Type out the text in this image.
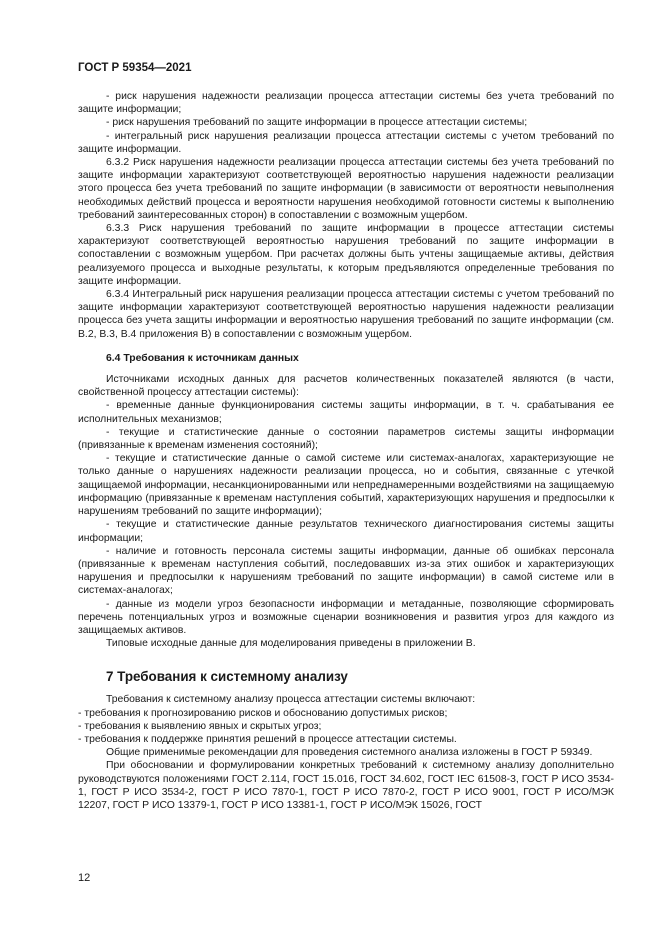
ГОСТ Р 59354—2021

- риск нарушения надежности реализации процесса аттестации системы без учета требований по защите информации;

- риск нарушения требований по защите информации в процессе аттестации системы;

- интегральный риск нарушения реализации процесса аттестации системы с учетом требований по защите информации.

6.3.2 Риск нарушения надежности реализации процесса аттестации системы без учета требований по защите информации характеризуют соответствующей вероятностью нарушения надежности реализации этого процесса без учета требований по защите информации (в зависимости от вероятности невыполнения необходимых действий процесса и вероятности нарушения необходимой готовности системы к выполнению требований заинтересованных сторон) в сопоставлении с возможным ущербом.

6.3.3 Риск нарушения требований по защите информации в процессе аттестации системы характеризуют соответствующей вероятностью нарушения требований по защите информации в сопоставлении с возможным ущербом. При расчетах должны быть учтены защищаемые активы, действия реализуемого процесса и выходные результаты, к которым предъявляются определенные требования по защите информации.

6.3.4 Интегральный риск нарушения реализации процесса аттестации системы с учетом требований по защите информации характеризуют соответствующей вероятностью нарушения надежности реализации процесса без учета защиты информации и вероятностью нарушения требований по защите информации (см. В.2, В.3, В.4 приложения В) в сопоставлении с возможным ущербом.

6.4 Требования к источникам данных

Источниками исходных данных для расчетов количественных показателей являются (в части, свойственной процессу аттестации системы):

- временные данные функционирования системы защиты информации, в т. ч. срабатывания ее исполнительных механизмов;

- текущие и статистические данные о состоянии параметров системы защиты информации (привязанные к временам изменения состояний);

- текущие и статистические данные о самой системе или системах-аналогах, характеризующие не только данные о нарушениях надежности реализации процесса, но и события, связанные с утечкой защищаемой информации, несанкционированными или непреднамеренными воздействиями на защищаемую информацию (привязанные к временам наступления событий, характеризующих нарушения и предпосылки к нарушениям требований по защите информации);

- текущие и статистические данные результатов технического диагностирования системы защиты информации;

- наличие и готовность персонала системы защиты информации, данные об ошибках персонала (привязанные к временам наступления событий, последовавших из-за этих ошибок и характеризующих нарушения и предпосылки к нарушениям требований по защите информации) в самой системе или в системах-аналогах;

- данные из модели угроз безопасности информации и метаданные, позволяющие сформировать перечень потенциальных угроз и возможные сценарии возникновения и развития угроз для каждого из защищаемых активов.

Типовые исходные данные для моделирования приведены в приложении В.

7 Требования к системному анализу

Требования к системному анализу процесса аттестации системы включают:

- требования к прогнозированию рисков и обоснованию допустимых рисков;

- требования к выявлению явных и скрытых угроз;

- требования к поддержке принятия решений в процессе аттестации системы.

Общие применимые рекомендации для проведения системного анализа изложены в ГОСТ Р 59349.

При обосновании и формулировании конкретных требований к системному анализу дополнительно руководствуются положениями ГОСТ 2.114, ГОСТ 15.016, ГОСТ 34.602, ГОСТ IEC 61508-3, ГОСТ Р ИСО 3534-1, ГОСТ Р ИСО 3534-2, ГОСТ Р ИСО 7870-1, ГОСТ Р ИСО 7870-2, ГОСТ Р ИСО 9001, ГОСТ Р ИСО/МЭК 12207, ГОСТ Р ИСО 13379-1, ГОСТ Р ИСО 13381-1, ГОСТ Р ИСО/МЭК 15026, ГОСТ

12
